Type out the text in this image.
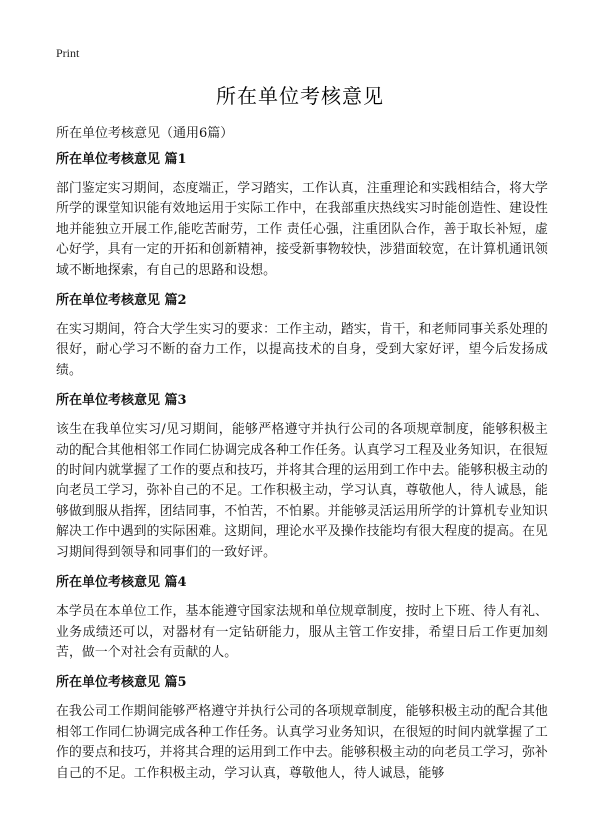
Print
所在单位考核意见

所在单位考核意见（通用6篇）

所在单位考核意见 篇1

部门鉴定实习期间，态度端正，学习踏实，工作认真，注重理论和实践相结合，将大学所学的课堂知识能有效地运用于实际工作中，在我部重庆热线实习时能创造性、建设性地并能独立开展工作,能吃苦耐劳，工作 责任心强，注重团队合作，善于取长补短，虚心好学，具有一定的开拓和创新精神，接受新事物较快，涉猎面较宽，在计算机通讯领域不断地探索，有自己的思路和设想。

所在单位考核意见 篇2

在实习期间，符合大学生实习的要求：工作主动，踏实，肯干，和老师同事关系处理的很好，耐心学习不断的奋力工作，以提高技术的自身，受到大家好评，望今后发扬成绩。

所在单位考核意见 篇3

该生在我单位实习/见习期间，能够严格遵守并执行公司的各项规章制度，能够积极主动的配合其他相邻工作同仁协调完成各种工作任务。认真学习工程及业务知识，在很短的时间内就掌握了工作的要点和技巧，并将其合理的运用到工作中去。能够积极主动的向老员工学习，弥补自己的不足。工作积极主动，学习认真，尊敬他人，待人诚恳，能够做到服从指挥，团结同事，不怕苦，不怕累。并能够灵活运用所学的计算机专业知识解决工作中遇到的实际困难。这期间，理论水平及操作技能均有很大程度的提高。在见习期间得到领导和同事们的一致好评。

所在单位考核意见 篇4

本学员在本单位工作，基本能遵守国家法规和单位规章制度，按时上下班、待人有礼、业务成绩还可以，对器材有一定钻研能力，服从主管工作安排，希望日后工作更加刻苦，做一个对社会有贡献的人。

所在单位考核意见 篇5

在我公司工作期间能够严格遵守并执行公司的各项规章制度，能够积极主动的配合其他相邻工作同仁协调完成各种工作任务。认真学习业务知识，在很短的时间内就掌握了工作的要点和技巧，并将其合理的运用到工作中去。能够积极主动的向老员工学习，弥补自己的不足。工作积极主动，学习认真，尊敬他人，待人诚恳，能够
